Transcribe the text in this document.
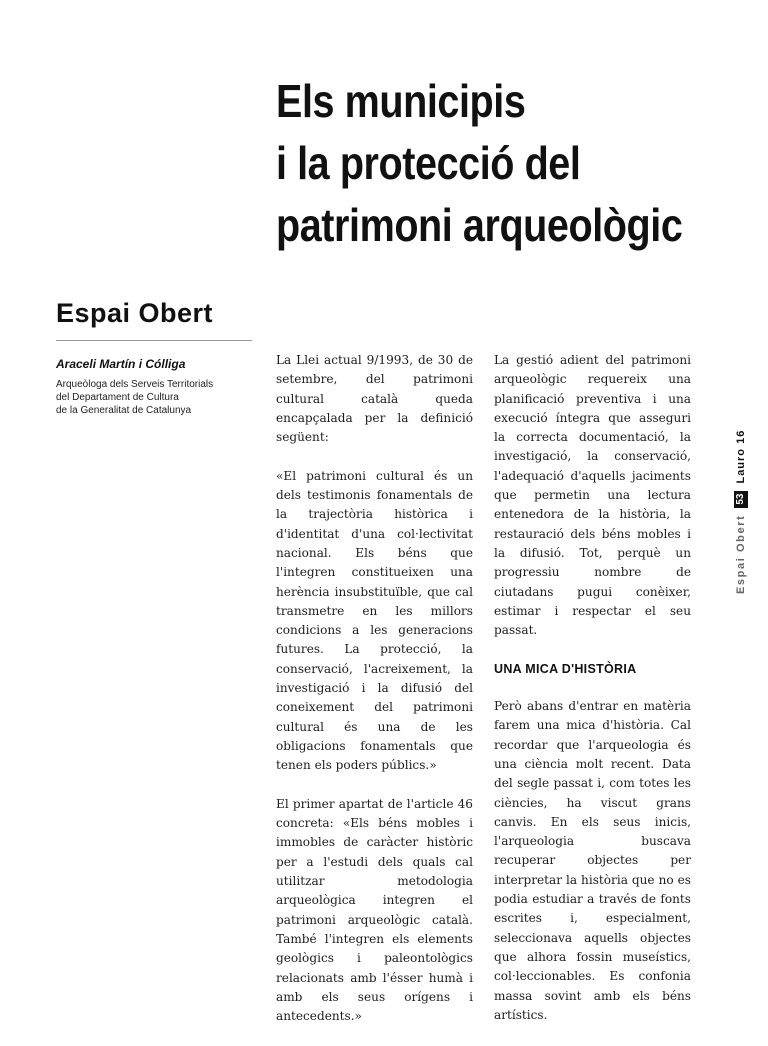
Els municipis
i la protecció del
patrimoni arqueològic
Espai Obert

Araceli Martín i Cólliga

Arqueòloga dels Serveis Territorials
del Departament de Cultura
de la Generalitat de Catalunya

La Llei actual 9/1993, de 30 de setembre, del patrimoni cultural català queda encapçalada per la definició següent:

«El patrimoni cultural és un dels testimonis fonamentals de la trajectòria històrica i d'identitat d'una col·lectivitat nacional. Els béns que l'integren constitueixen una herència insubstituïble, que cal transmetre en les millors condicions a les generacions futures. La protecció, la conservació, l'acreixement, la investigació i la difusió del coneixement del patrimoni cultural és una de les obligacions fonamentals que tenen els poders públics.»

El primer apartat de l'article 46 concreta: «Els béns mobles i immobles de caràcter històric per a l'estudi dels quals cal utilitzar metodologia arqueològica integren el patrimoni arqueològic català. També l'integren els elements geològics i paleontològics relacionats amb l'ésser humà i amb els seus orígens i antecedents.»

La gestió adient del patrimoni arqueològic requereix una planificació preventiva i una execució íntegra que asseguri la correcta documentació, la investigació, la conservació, l'adequació d'aquells jaciments que permetin una lectura entenedora de la història, la restauració dels béns mobles i la difusió. Tot, perquè un progressiu nombre de ciutadans pugui conèixer, estimar i respectar el seu passat.

UNA MICA D'HISTÒRIA

Però abans d'entrar en matèria farem una mica d'història. Cal recordar que l'arqueologia és una ciència molt recent. Data del segle passat i, com totes les ciències, ha viscut grans canvis. En els seus inicis, l'arqueologia buscava recuperar objectes per interpretar la història que no es podia estudiar a través de fonts escrites i, especialment, seleccionava aquells objectes que alhora fossin museístics, col·leccionables. Es confonia massa sovint amb els béns artístics.

Espai Obert
53
Lauro 16
